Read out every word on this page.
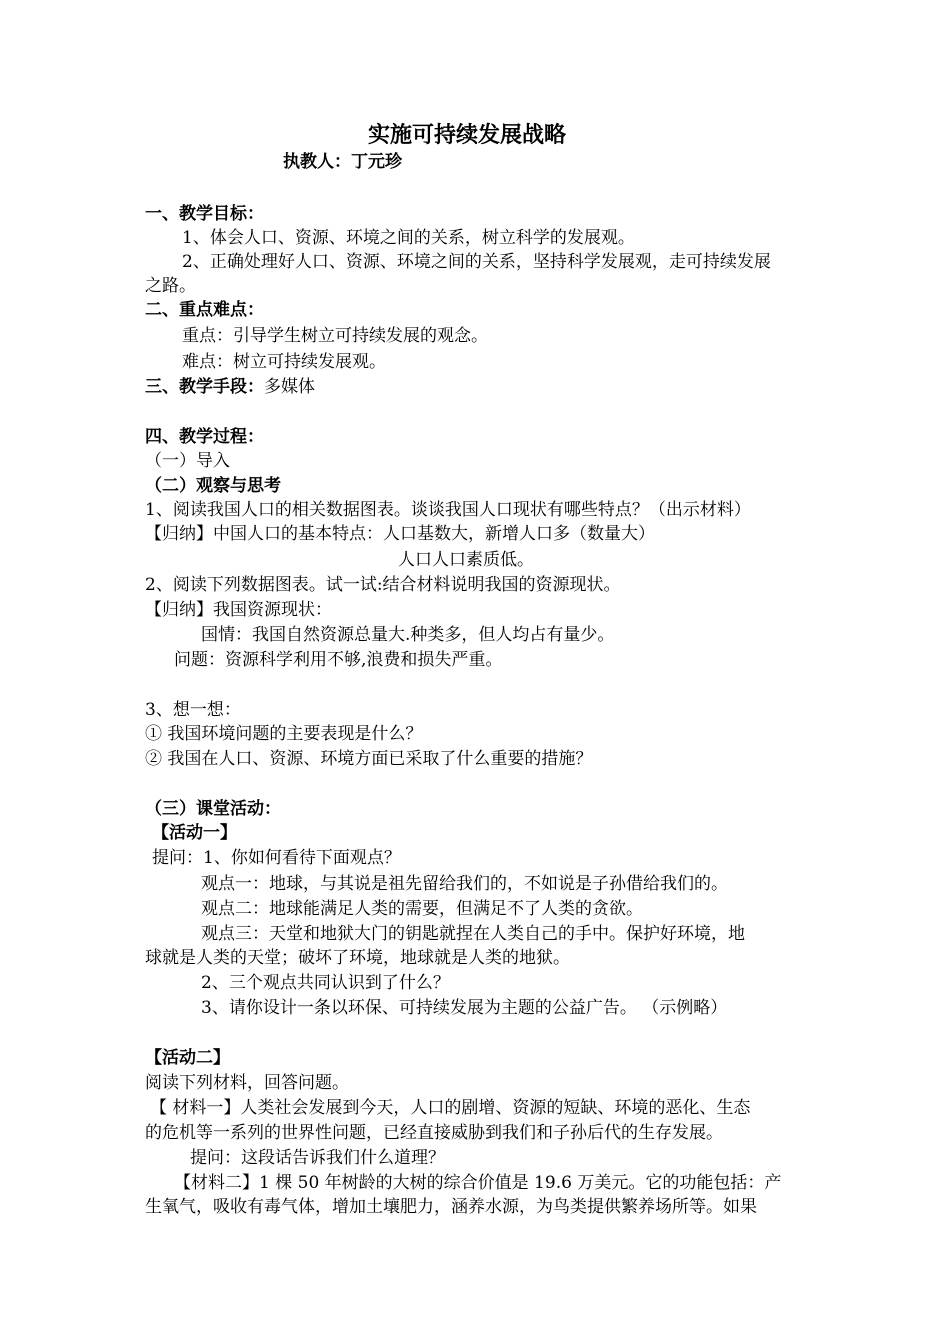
实施可持续发展战略
执教人：丁元珍
一、教学目标：
1、体会人口、资源、环境之间的关系，树立科学的发展观。
2、正确处理好人口、资源、环境之间的关系，坚持科学发展观，走可持续发展
之路。
二、重点难点：
重点：引导学生树立可持续发展的观念。
难点：树立可持续发展观。
三、教学手段：多媒体
四、教学过程：
（一）导入
（二）观察与思考
1、阅读我国人口的相关数据图表。谈谈我国人口现状有哪些特点？（出示材料）
【归纳】中国人口的基本特点：人口基数大，新增人口多（数量大）
人口人口素质低。
2、阅读下列数据图表。试一试:结合材料说明我国的资源现状。
【归纳】我国资源现状：
国情：我国自然资源总量大.种类多，但人均占有量少。
问题：资源科学利用不够,浪费和损失严重。
3、想一想：
① 我国环境问题的主要表现是什么？
② 我国在人口、资源、环境方面已采取了什么重要的措施？
（三）课堂活动：
【活动一】
提问：1、你如何看待下面观点？
观点一：地球，与其说是祖先留给我们的，不如说是子孙借给我们的。
观点二：地球能满足人类的需要，但满足不了人类的贪欲。
观点三：天堂和地狱大门的钥匙就捏在人类自己的手中。保护好环境，地
球就是人类的天堂；破坏了环境，地球就是人类的地狱。
2、三个观点共同认识到了什么？
3、请你设计一条以环保、可持续发展为主题的公益广告。 （示例略）
【活动二】
阅读下列材料，回答问题。
【 材料一】人类社会发展到今天，人口的剧增、资源的短缺、环境的恶化、生态
的危机等一系列的世界性问题，已经直接威胁到我们和子孙后代的生存发展。
提问：这段话告诉我们什么道理？
【材料二】1 棵 50 年树龄的大树的综合价值是 19.6 万美元。它的功能包括：产
生氧气，吸收有毒气体，增加土壤肥力，涵养水源，为鸟类提供繁养场所等。如果
